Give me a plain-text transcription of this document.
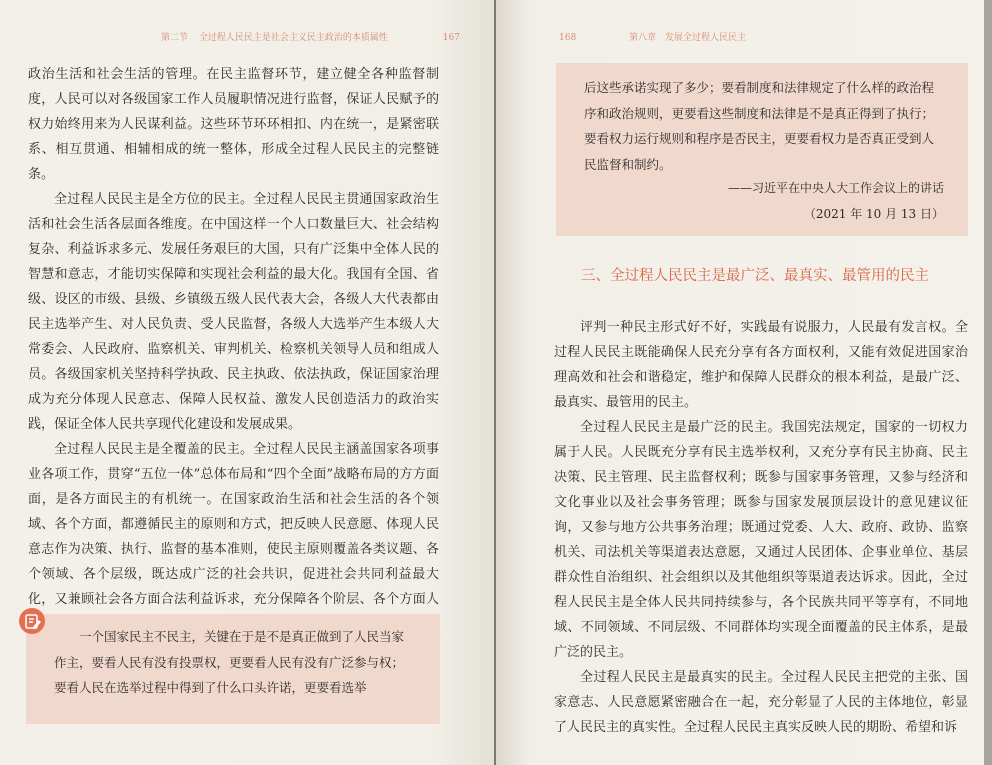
第二节 全过程人民民主是社会主义民主政治的本质属性	167

政治生活和社会生活的管理。在民主监督环节，建立健全各种监督制度，人民可以对各级国家工作人员履职情况进行监督，保证人民赋予的权力始终用来为人民谋利益。这些环节环环相扣、内在统一，是紧密联系、相互贯通、相辅相成的统一整体，形成全过程人民民主的完整链条。

全过程人民民主是全方位的民主。全过程人民民主贯通国家政治生活和社会生活各层面各维度。在中国这样一个人口数量巨大、社会结构复杂、利益诉求多元、发展任务艰巨的大国，只有广泛集中全体人民的智慧和意志，才能切实保障和实现社会利益的最大化。我国有全国、省级、设区的市级、县级、乡镇级五级人民代表大会，各级人大代表都由民主选举产生、对人民负责、受人民监督，各级人大选举产生本级人大常委会、人民政府、监察机关、审判机关、检察机关领导人员和组成人员。各级国家机关坚持科学执政、民主执政、依法执政，保证国家治理成为充分体现人民意志、保障人民权益、激发人民创造活力的政治实践，保证全体人民共享现代化建设和发展成果。

全过程人民民主是全覆盖的民主。全过程人民民主涵盖国家各项事业各项工作，贯穿“五位一体”总体布局和“四个全面”战略布局的方方面面，是各方面民主的有机统一。在国家政治生活和社会生活的各个领域、各个方面，都遵循民主的原则和方式，把反映人民意愿、体现人民意志作为决策、执行、监督的基本准则，使民主原则覆盖各类议题、各个领域、各个层级，既达成广泛的社会共识，促进社会共同利益最大化，又兼顾社会各方面合法利益诉求，充分保障各个阶层、各个方面人

一个国家民主不民主，关键在于是不是真正做到了人民当家作主，要看人民有没有投票权，更要看人民有没有广泛参与权；要看人民在选举过程中得到了什么口头许诺，更要看选举

168	第八章 发展全过程人民民主

后这些承诺实现了多少；要看制度和法律规定了什么样的政治程序和政治规则，更要看这些制度和法律是不是真正得到了执行；要看权力运行规则和程序是否民主，更要看权力是否真正受到人民监督和制约。

——习近平在中央人大工作会议上的讲话
（2021 年 10 月 13 日）
三、全过程人民民主是最广泛、最真实、最管用的民主

评判一种民主形式好不好，实践最有说服力，人民最有发言权。全过程人民民主既能确保人民充分享有各方面权利，又能有效促进国家治理高效和社会和谐稳定，维护和保障人民群众的根本利益，是最广泛、最真实、最管用的民主。

全过程人民民主是最广泛的民主。我国宪法规定，国家的一切权力属于人民。人民既充分享有民主选举权利，又充分享有民主协商、民主决策、民主管理、民主监督权利；既参与国家事务管理，又参与经济和文化事业以及社会事务管理；既参与国家发展顶层设计的意见建议征询，又参与地方公共事务治理；既通过党委、人大、政府、政协、监察机关、司法机关等渠道表达意愿，又通过人民团体、企事业单位、基层群众性自治组织、社会组织以及其他组织等渠道表达诉求。因此，全过程人民民主是全体人民共同持续参与，各个民族共同平等享有，不同地域、不同领域、不同层级、不同群体均实现全面覆盖的民主体系，是最广泛的民主。

全过程人民民主是最真实的民主。全过程人民民主把党的主张、国家意志、人民意愿紧密融合在一起，充分彰显了人民的主体地位，彰显了人民民主的真实性。全过程人民民主真实反映人民的期盼、希望和诉
